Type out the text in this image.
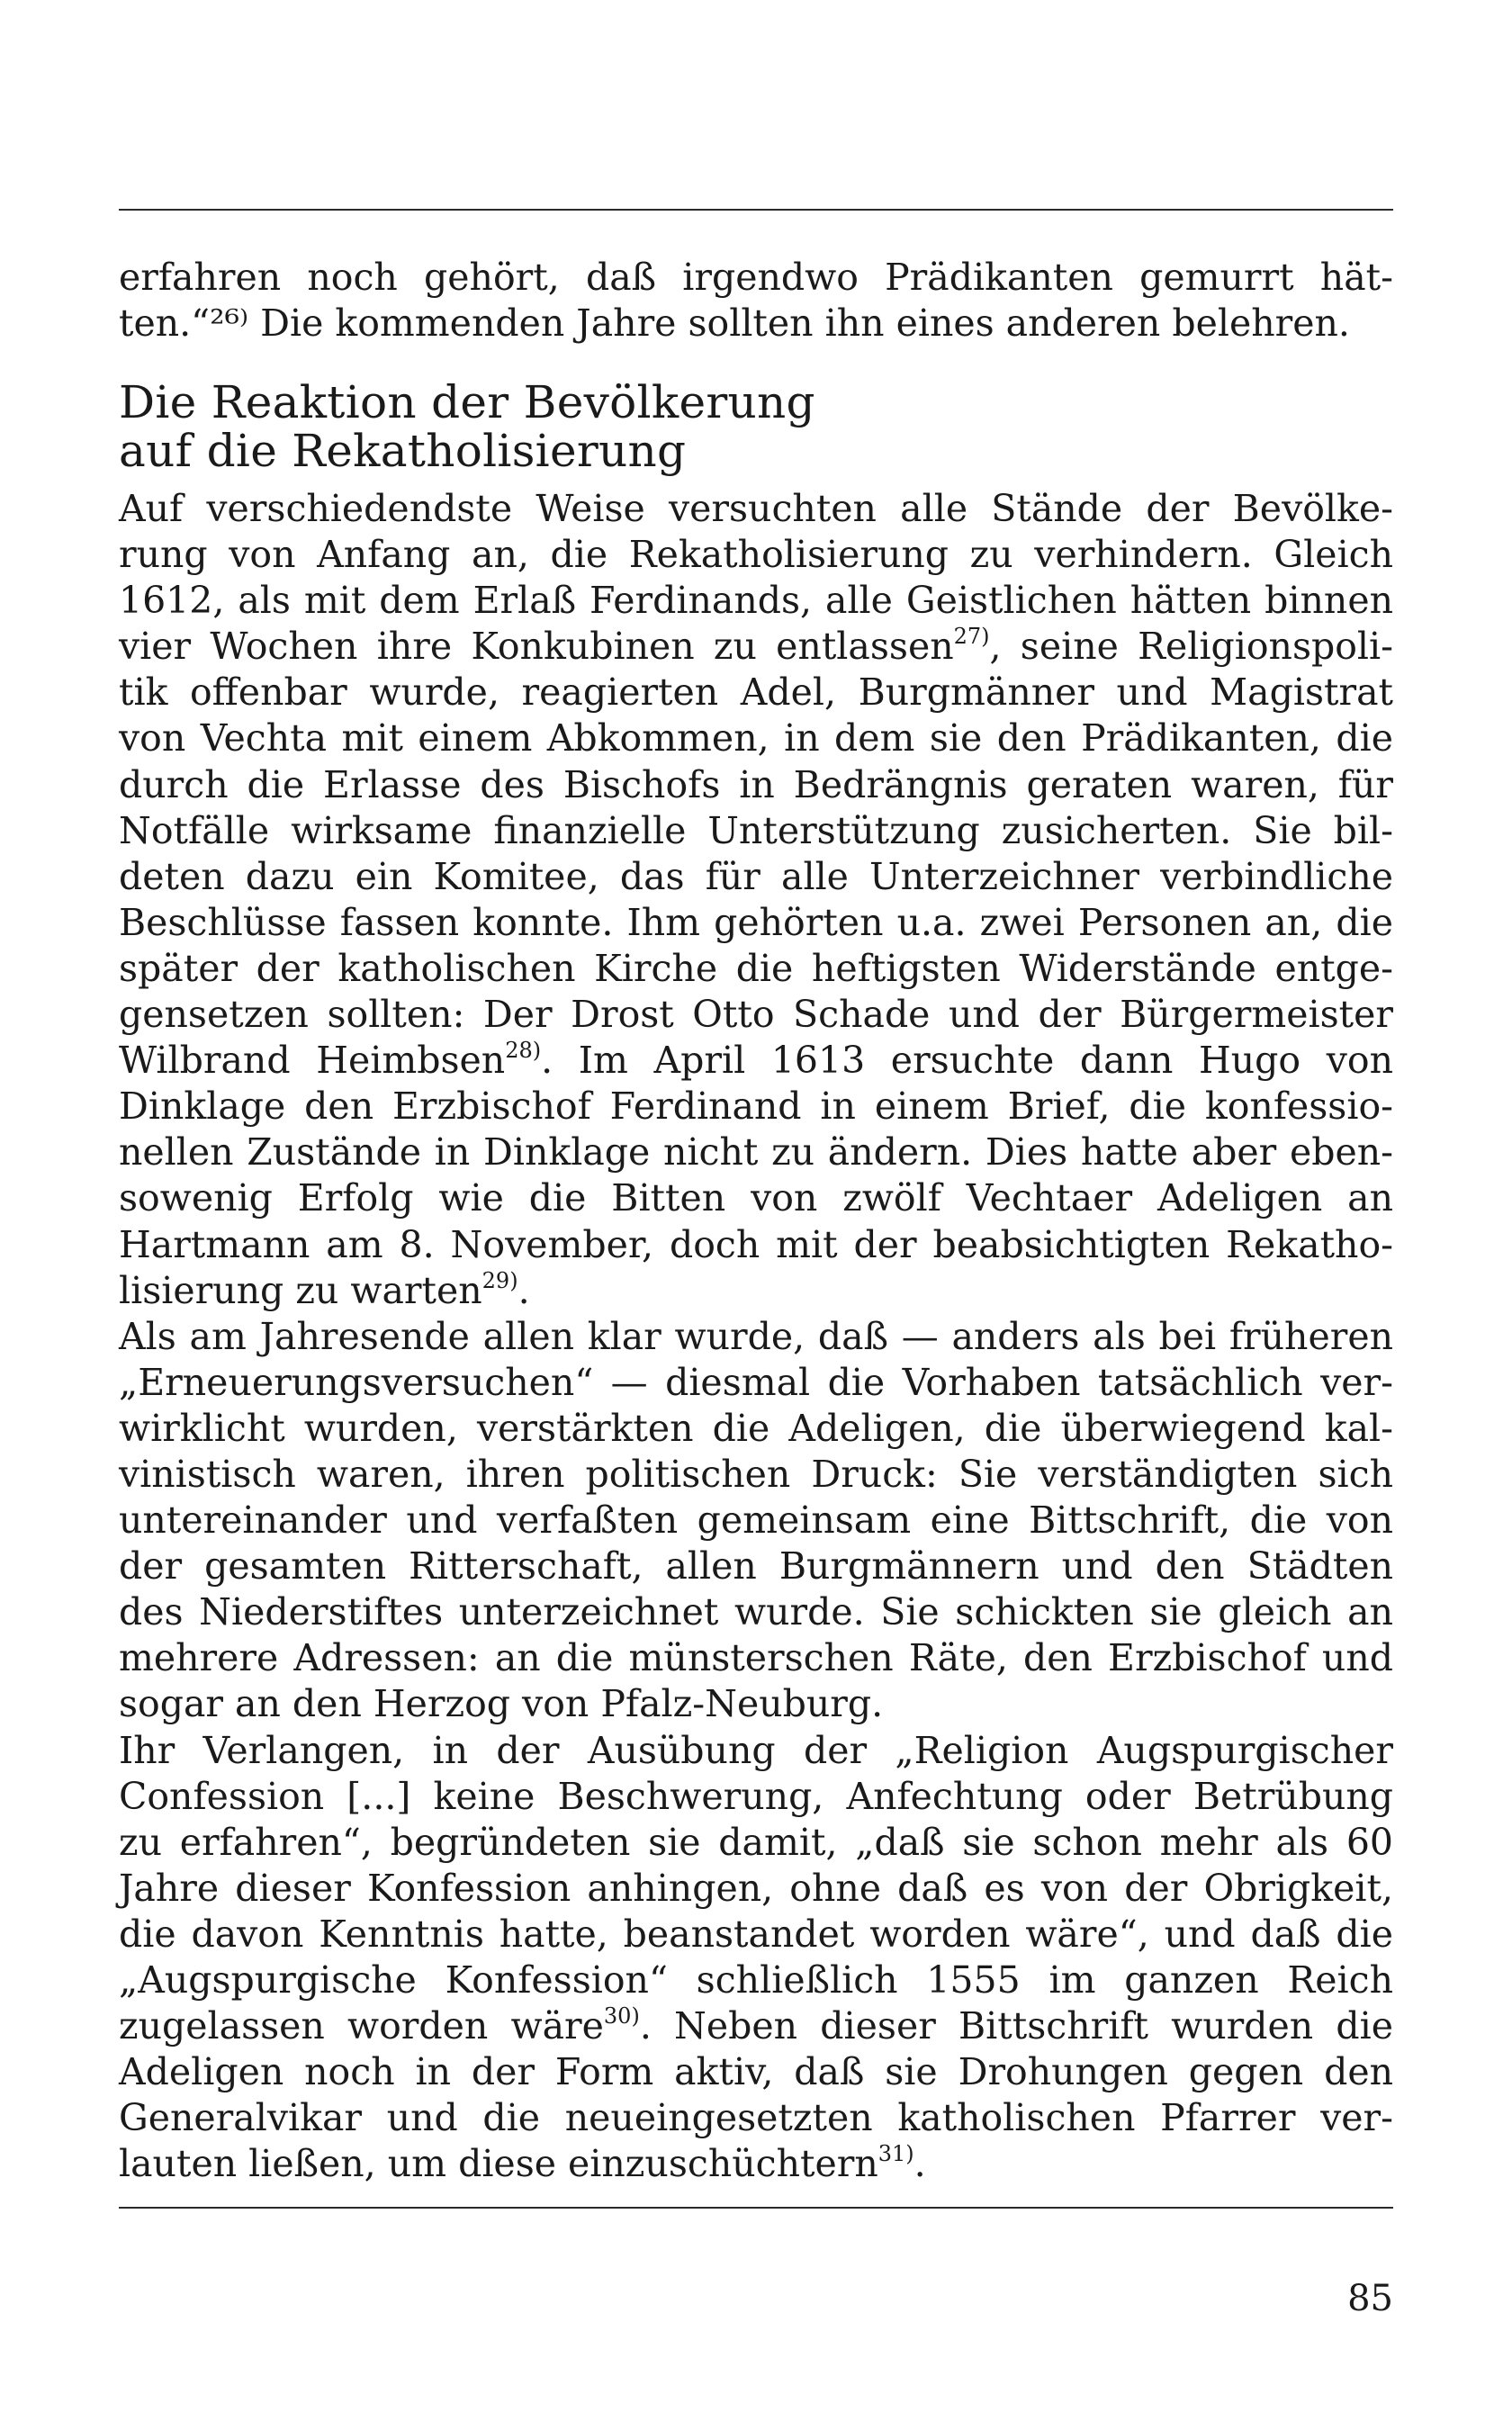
erfahren noch gehört, daß irgendwo Prädikanten gemurrt hät-
ten.“²⁶⁾ Die kommenden Jahre sollten ihn eines anderen belehren.

Die Reaktion der Bevölkerung
auf die Rekatholisierung

Auf verschiedendste Weise versuchten alle Stände der Bevölke-
rung von Anfang an, die Rekatholisierung zu verhindern. Gleich
1612, als mit dem Erlaß Ferdinands, alle Geistlichen hätten binnen
vier Wochen ihre Konkubinen zu entlassen$^{27)}$, seine Religionspoli-
tik offenbar wurde, reagierten Adel, Burgmänner und Magistrat
von Vechta mit einem Abkommen, in dem sie den Prädikanten, die
durch die Erlasse des Bischofs in Bedrängnis geraten waren, für
Notfälle wirksame finanzielle Unterstützung zusicherten. Sie bil-
deten dazu ein Komitee, das für alle Unterzeichner verbindliche
Beschlüsse fassen konnte. Ihm gehörten u.a. zwei Personen an, die
später der katholischen Kirche die heftigsten Widerstände entge-
gensetzen sollten: Der Drost Otto Schade und der Bürgermeister
Wilbrand Heimbsen$^{28)}$. Im April 1613 ersuchte dann Hugo von
Dinklage den Erzbischof Ferdinand in einem Brief, die konfessio-
nellen Zustände in Dinklage nicht zu ändern. Dies hatte aber eben-
sowenig Erfolg wie die Bitten von zwölf Vechtaer Adeligen an
Hartmann am 8. November, doch mit der beabsichtigten Rekatho-
lisierung zu warten$^{29)}$.

Als am Jahresende allen klar wurde, daß — anders als bei früheren
„Erneuerungsversuchen“ — diesmal die Vorhaben tatsächlich ver-
wirklicht wurden, verstärkten die Adeligen, die überwiegend kal-
vinistisch waren, ihren politischen Druck: Sie verständigten sich
untereinander und verfaßten gemeinsam eine Bittschrift, die von
der gesamten Ritterschaft, allen Burgmännern und den Städten
des Niederstiftes unterzeichnet wurde. Sie schickten sie gleich an
mehrere Adressen: an die münsterschen Räte, den Erzbischof und
sogar an den Herzog von Pfalz-Neuburg.

Ihr Verlangen, in der Ausübung der „Religion Augspurgischer
Confession [...] keine Beschwerung, Anfechtung oder Betrübung
zu erfahren“, begründeten sie damit, „daß sie schon mehr als 60
Jahre dieser Konfession anhingen, ohne daß es von der Obrigkeit,
die davon Kenntnis hatte, beanstandet worden wäre“, und daß die
„Augspurgische Konfession“ schließlich 1555 im ganzen Reich
zugelassen worden wäre$^{30)}$. Neben dieser Bittschrift wurden die
Adeligen noch in der Form aktiv, daß sie Drohungen gegen den
Generalvikar und die neueingesetzten katholischen Pfarrer ver-
lauten ließen, um diese einzuschüchtern$^{31)}$.

85
